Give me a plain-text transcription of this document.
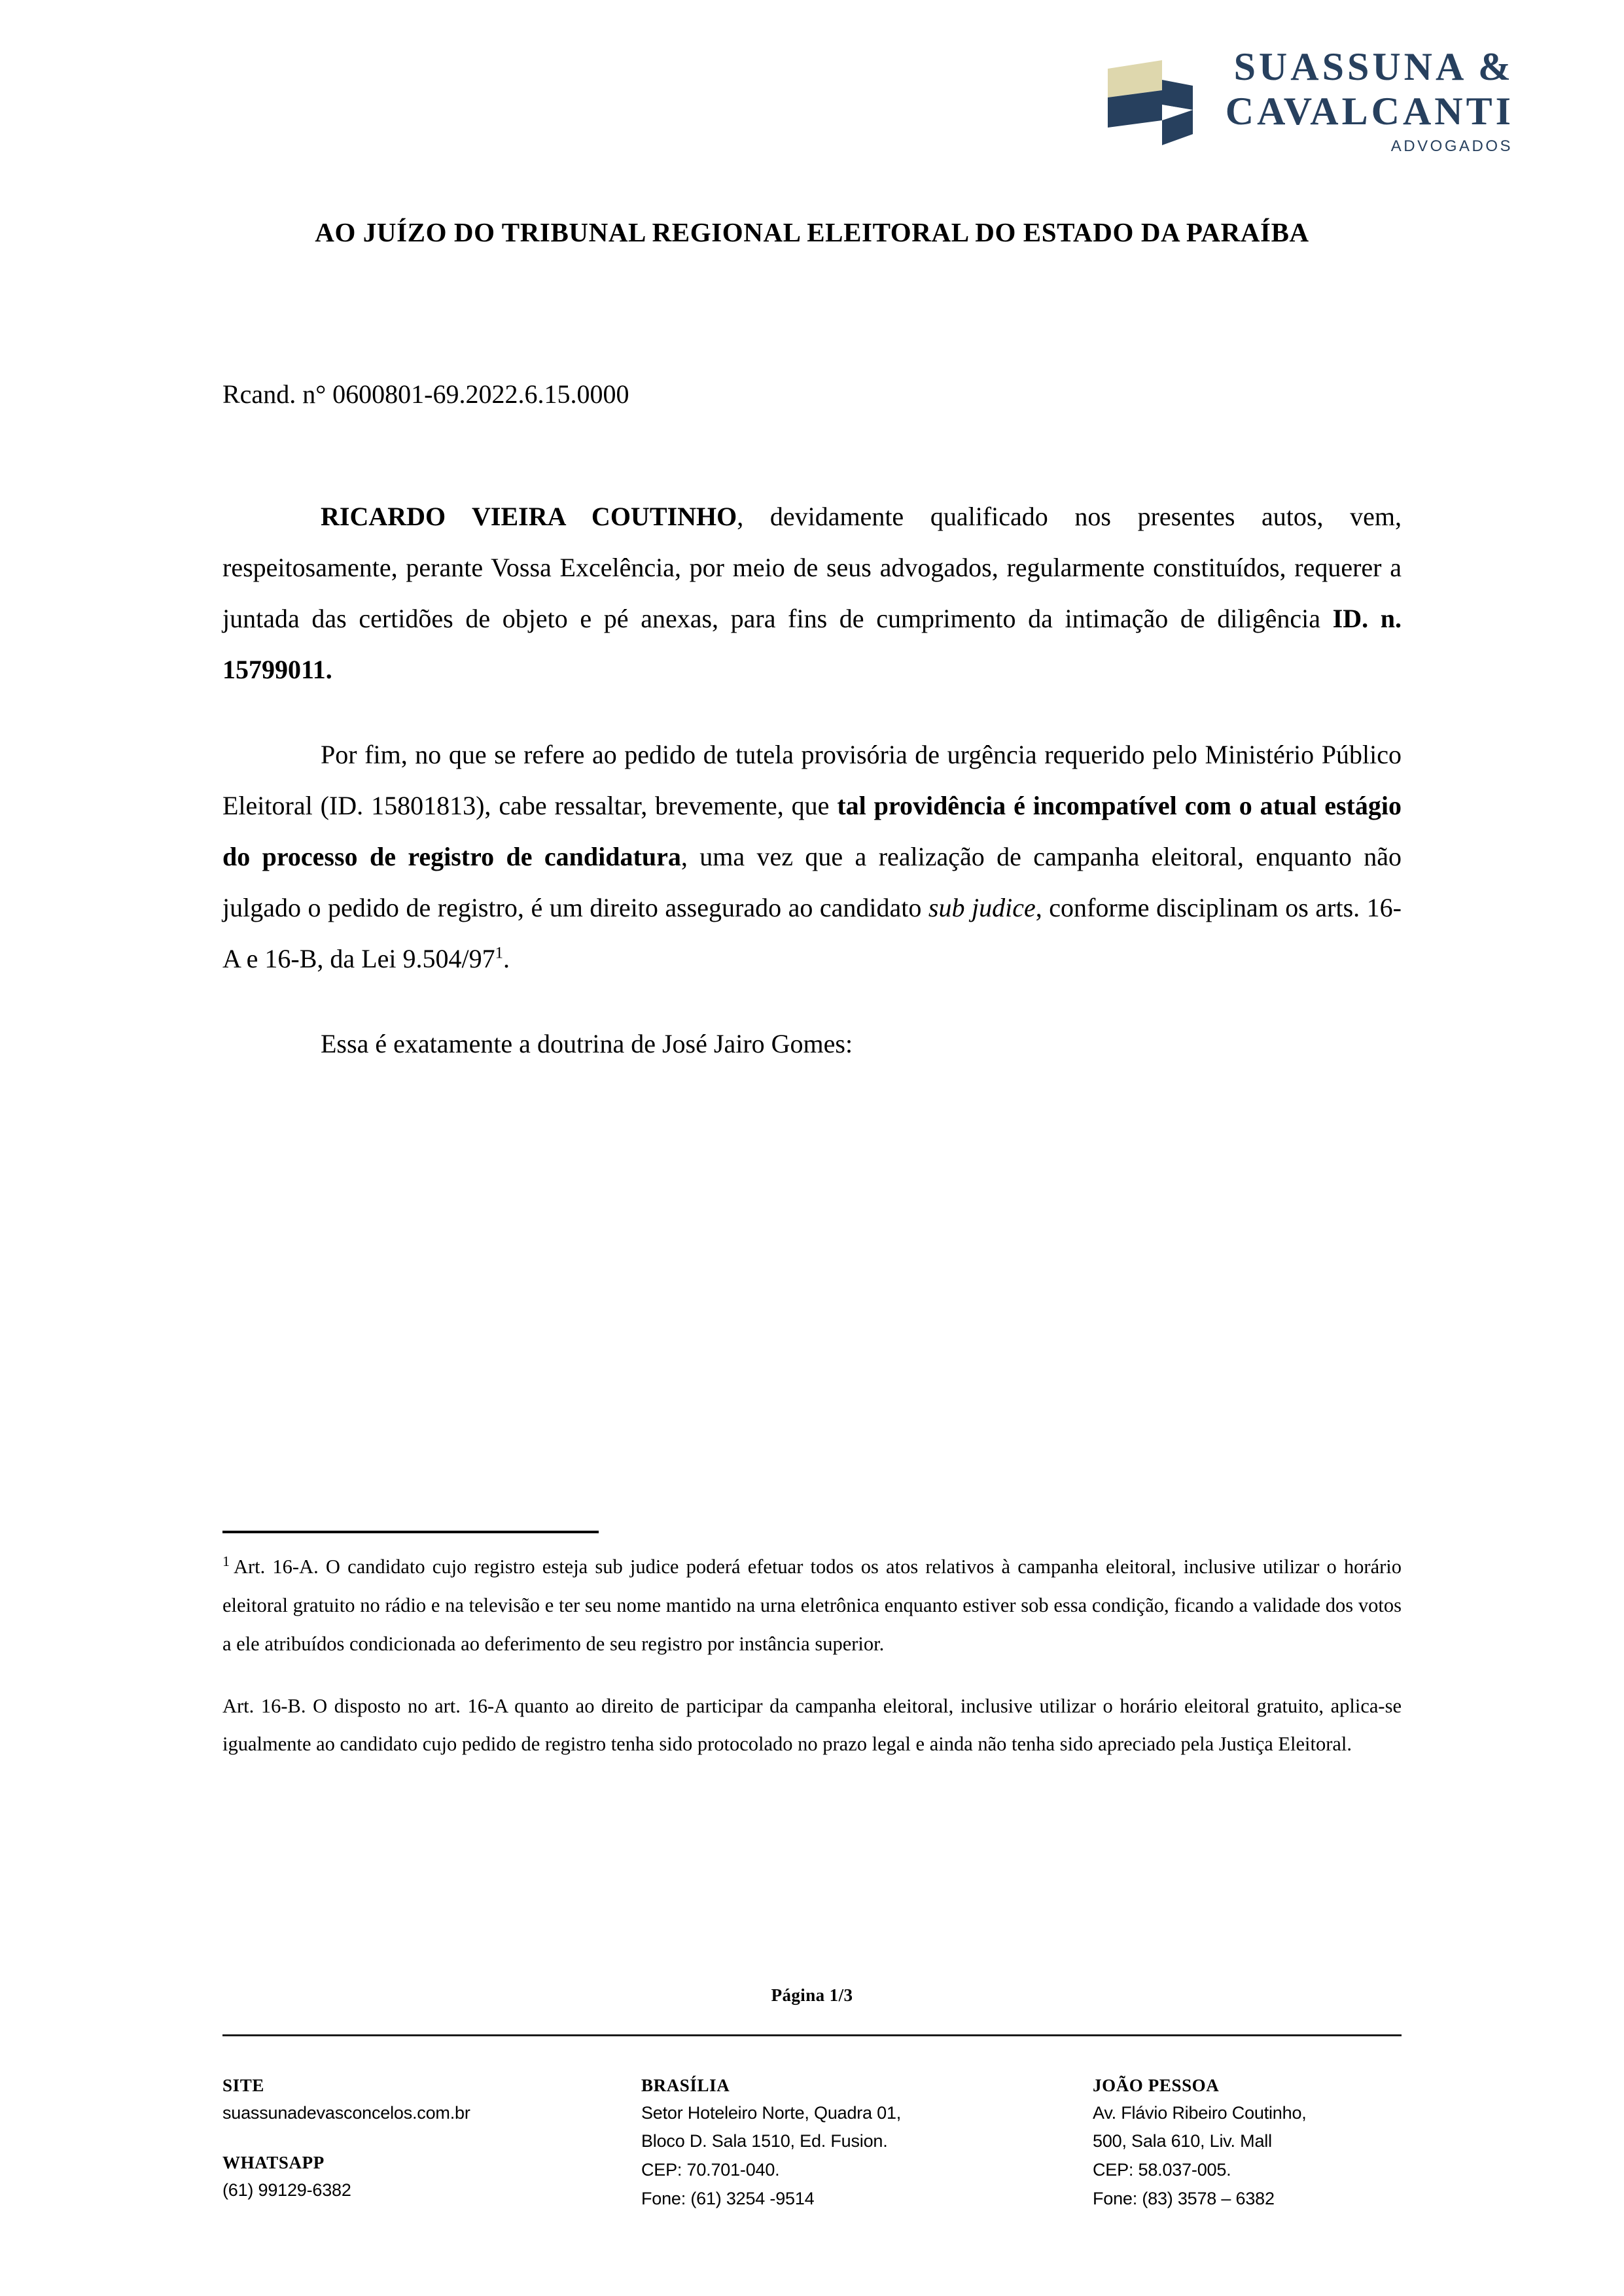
SUASSUNA &
CAVALCANTI
ADVOGADOS
AO JUÍZO DO TRIBUNAL REGIONAL ELEITORAL DO ESTADO DA PARAÍBA
Rcand. n° 0600801-69.2022.6.15.0000

RICARDO VIEIRA COUTINHO, devidamente qualificado nos presentes autos, vem, respeitosamente, perante Vossa Excelência, por meio de seus advogados, regularmente constituídos, requerer a juntada das certidões de objeto e pé anexas, para fins de cumprimento da intimação de diligência ID. n. 15799011.

Por fim, no que se refere ao pedido de tutela provisória de urgência requerido pelo Ministério Público Eleitoral (ID. 15801813), cabe ressaltar, brevemente, que tal providência é incompatível com o atual estágio do processo de registro de candidatura, uma vez que a realização de campanha eleitoral, enquanto não julgado o pedido de registro, é um direito assegurado ao candidato sub judice, conforme disciplinam os arts. 16-A e 16-B, da Lei 9.504/97$^1$.

Essa é exatamente a doutrina de José Jairo Gomes:

$^1$ Art. 16-A. O candidato cujo registro esteja sub judice poderá efetuar todos os atos relativos à campanha eleitoral, inclusive utilizar o horário eleitoral gratuito no rádio e na televisão e ter seu nome mantido na urna eletrônica enquanto estiver sob essa condição, ficando a validade dos votos a ele atribuídos condicionada ao deferimento de seu registro por instância superior.

Art. 16-B. O disposto no art. 16-A quanto ao direito de participar da campanha eleitoral, inclusive utilizar o horário eleitoral gratuito, aplica-se igualmente ao candidato cujo pedido de registro tenha sido protocolado no prazo legal e ainda não tenha sido apreciado pela Justiça Eleitoral.

Página 1/3
SITE
suassunadevasconcelos.com.br
WHATSAPP
(61) 99129-6382
BRASÍLIA
Setor Hoteleiro Norte, Quadra 01,
Bloco D. Sala 1510, Ed. Fusion.
CEP: 70.701-040.
Fone: (61) 3254 -9514
JOÃO PESSOA
Av. Flávio Ribeiro Coutinho,
500, Sala 610, Liv. Mall
CEP: 58.037-005.
Fone: (83) 3578 – 6382
